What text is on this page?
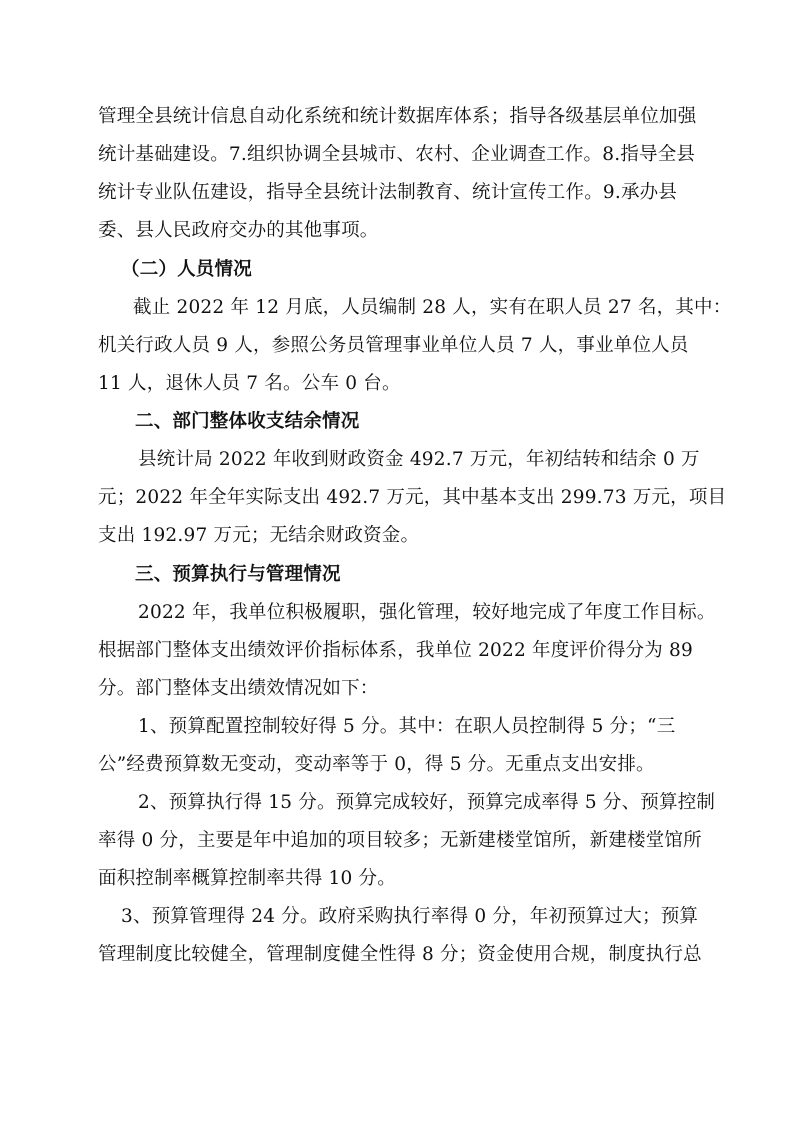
管理全县统计信息自动化系统和统计数据库体系；指导各级基层单位加强
统计基础建设。7.组织协调全县城市、农村、企业调查工作。8.指导全县
统计专业队伍建设，指导全县统计法制教育、统计宣传工作。9.承办县
委、县人民政府交办的其他事项。
（二）人员情况
截止 2022 年 12 月底，人员编制 28 人，实有在职人员 27 名，其中：
机关行政人员 9 人，参照公务员管理事业单位人员 7 人，事业单位人员
11 人，退休人员 7 名。公车 0 台。
二、部门整体收支结余情况
县统计局 2022 年收到财政资金 492.7 万元，年初结转和结余 0 万
元；2022 年全年实际支出 492.7 万元，其中基本支出 299.73 万元，项目
支出 192.97 万元；无结余财政资金。
三、预算执行与管理情况
2022 年，我单位积极履职，强化管理，较好地完成了年度工作目标。
根据部门整体支出绩效评价指标体系，我单位 2022 年度评价得分为 89
分。部门整体支出绩效情况如下：
1、预算配置控制较好得 5 分。其中：在职人员控制得 5 分；“三
公”经费预算数无变动，变动率等于 0，得 5 分。无重点支出安排。
2、预算执行得 15 分。预算完成较好，预算完成率得 5 分、预算控制
率得 0 分，主要是年中追加的项目较多；无新建楼堂馆所，新建楼堂馆所
面积控制率概算控制率共得 10 分。
3、预算管理得 24 分。政府采购执行率得 0 分，年初预算过大；预算
管理制度比较健全，管理制度健全性得 8 分；资金使用合规，制度执行总
